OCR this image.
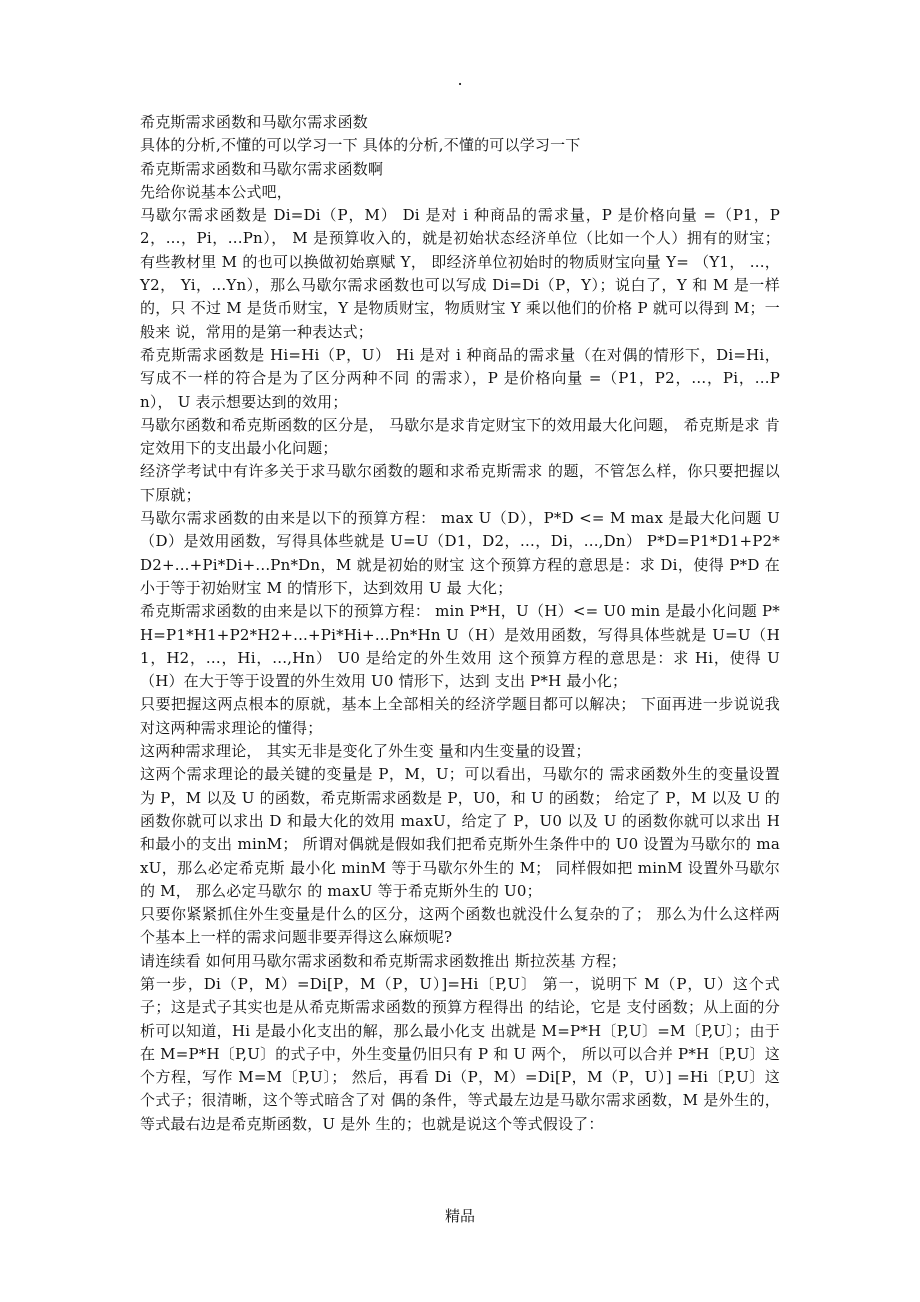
.

希克斯需求函数和马歇尔需求函数

具体的分析,不懂的可以学习一下 具体的分析,不懂的可以学习一下

希克斯需求函数和马歇尔需求函数啊

先给你说基本公式吧，

马歇尔需求函数是 Di=Di（P，M） Di 是对 i 种商品的需求量，P 是价格向量 =（P1，P2，...，Pi，...Pn）， M 是预算收入的，就是初始状态经济单位（比如一个人）拥有的财宝； 有些教材里 M 的也可以换做初始禀赋 Y， 即经济单位初始时的物质财宝向量 Y= （Y1， ...， Y2， Yi，...Yn），那么马歇尔需求函数也可以写成 Di=Di（P，Y）；说白了，Y 和 M 是一样的，只 不过 M 是货币财宝，Y 是物质财宝，物质财宝 Y 乘以他们的价格 P 就可以得到 M；一般来 说，常用的是第一种表达式；

希克斯需求函数是 Hi=Hi（P，U） Hi 是对 i 种商品的需求量（在对偶的情形下，Di=Hi，写成不一样的符合是为了区分两种不同 的需求），P 是价格向量 =（P1，P2，...，Pi，...Pn）， U 表示想要达到的效用；

马歇尔函数和希克斯函数的区分是， 马歇尔是求肯定财宝下的效用最大化问题， 希克斯是求 肯定效用下的支出最小化问题；

经济学考试中有许多关于求马歇尔函数的题和求希克斯需求 的题，不管怎么样，你只要把握以下原就；

马歇尔需求函数的由来是以下的预算方程： max U（D），P*D <= M max 是最大化问题 U（D）是效用函数，写得具体些就是 U=U（D1，D2，...，Di，...,Dn） P*D=P1*D1+P2*D2+...+Pi*Di+...Pn*Dn，M 就是初始的财宝 这个预算方程的意思是：求 Di，使得 P*D 在小于等于初始财宝 M 的情形下，达到效用 U 最 大化；

希克斯需求函数的由来是以下的预算方程： min P*H，U（H）<= U0 min 是最小化问题 P*H=P1*H1+P2*H2+...+Pi*Hi+...Pn*Hn U（H）是效用函数，写得具体些就是 U=U（H1，H2，...，Hi，...,Hn） U0 是给定的外生效用 这个预算方程的意思是：求 Hi，使得 U（H）在大于等于设置的外生效用 U0 情形下，达到 支出 P*H 最小化；

只要把握这两点根本的原就，基本上全部相关的经济学题目都可以解决； 下面再进一步说说我对这两种需求理论的懂得；

这两种需求理论， 其实无非是变化了外生变 量和内生变量的设置；

这两个需求理论的最关键的变量是 P，M，U；可以看出，马歇尔的 需求函数外生的变量设置为 P，M 以及 U 的函数，希克斯需求函数是 P，U0，和 U 的函数； 给定了 P，M 以及 U 的函数你就可以求出 D 和最大化的效用 maxU，给定了 P，U0 以及 U 的函数你就可以求出 H 和最小的支出 minM； 所谓对偶就是假如我们把希克斯外生条件中的 U0 设置为马歇尔的 maxU，那么必定希克斯 最小化 minM 等于马歇尔外生的 M； 同样假如把 minM 设置外马歇尔的 M， 那么必定马歇尔 的 maxU 等于希克斯外生的 U0；

只要你紧紧抓住外生变量是什么的区分，这两个函数也就没什么复杂的了； 那么为什么这样两个基本上一样的需求问题非要弄得这么麻烦呢?

请连续看 如何用马歇尔需求函数和希克斯需求函数推出 斯拉茨基 方程；

第一步，Di（P，M）=Di[P，M（P，U）]=Hi〔P,U〕 第一，说明下 M（P，U）这个式子；这是式子其实也是从希克斯需求函数的预算方程得出 的结论，它是 支付函数；从上面的分析可以知道，Hi 是最小化支出的解，那么最小化支 出就是 M=P*H〔P,U〕=M〔P,U〕；由于在 M=P*H〔P,U〕的式子中，外生变量仍旧只有 P 和 U 两个， 所以可以合并 P*H〔P,U〕这个方程，写作 M=M〔P,U〕； 然后，再看 Di（P，M）=Di[P，M（P，U）] =Hi〔P,U〕这个式子；很清晰，这个等式暗含了对 偶的条件，等式最左边是马歇尔需求函数，M 是外生的，等式最右边是希克斯函数，U 是外 生的；也就是说这个等式假设了：

精品
